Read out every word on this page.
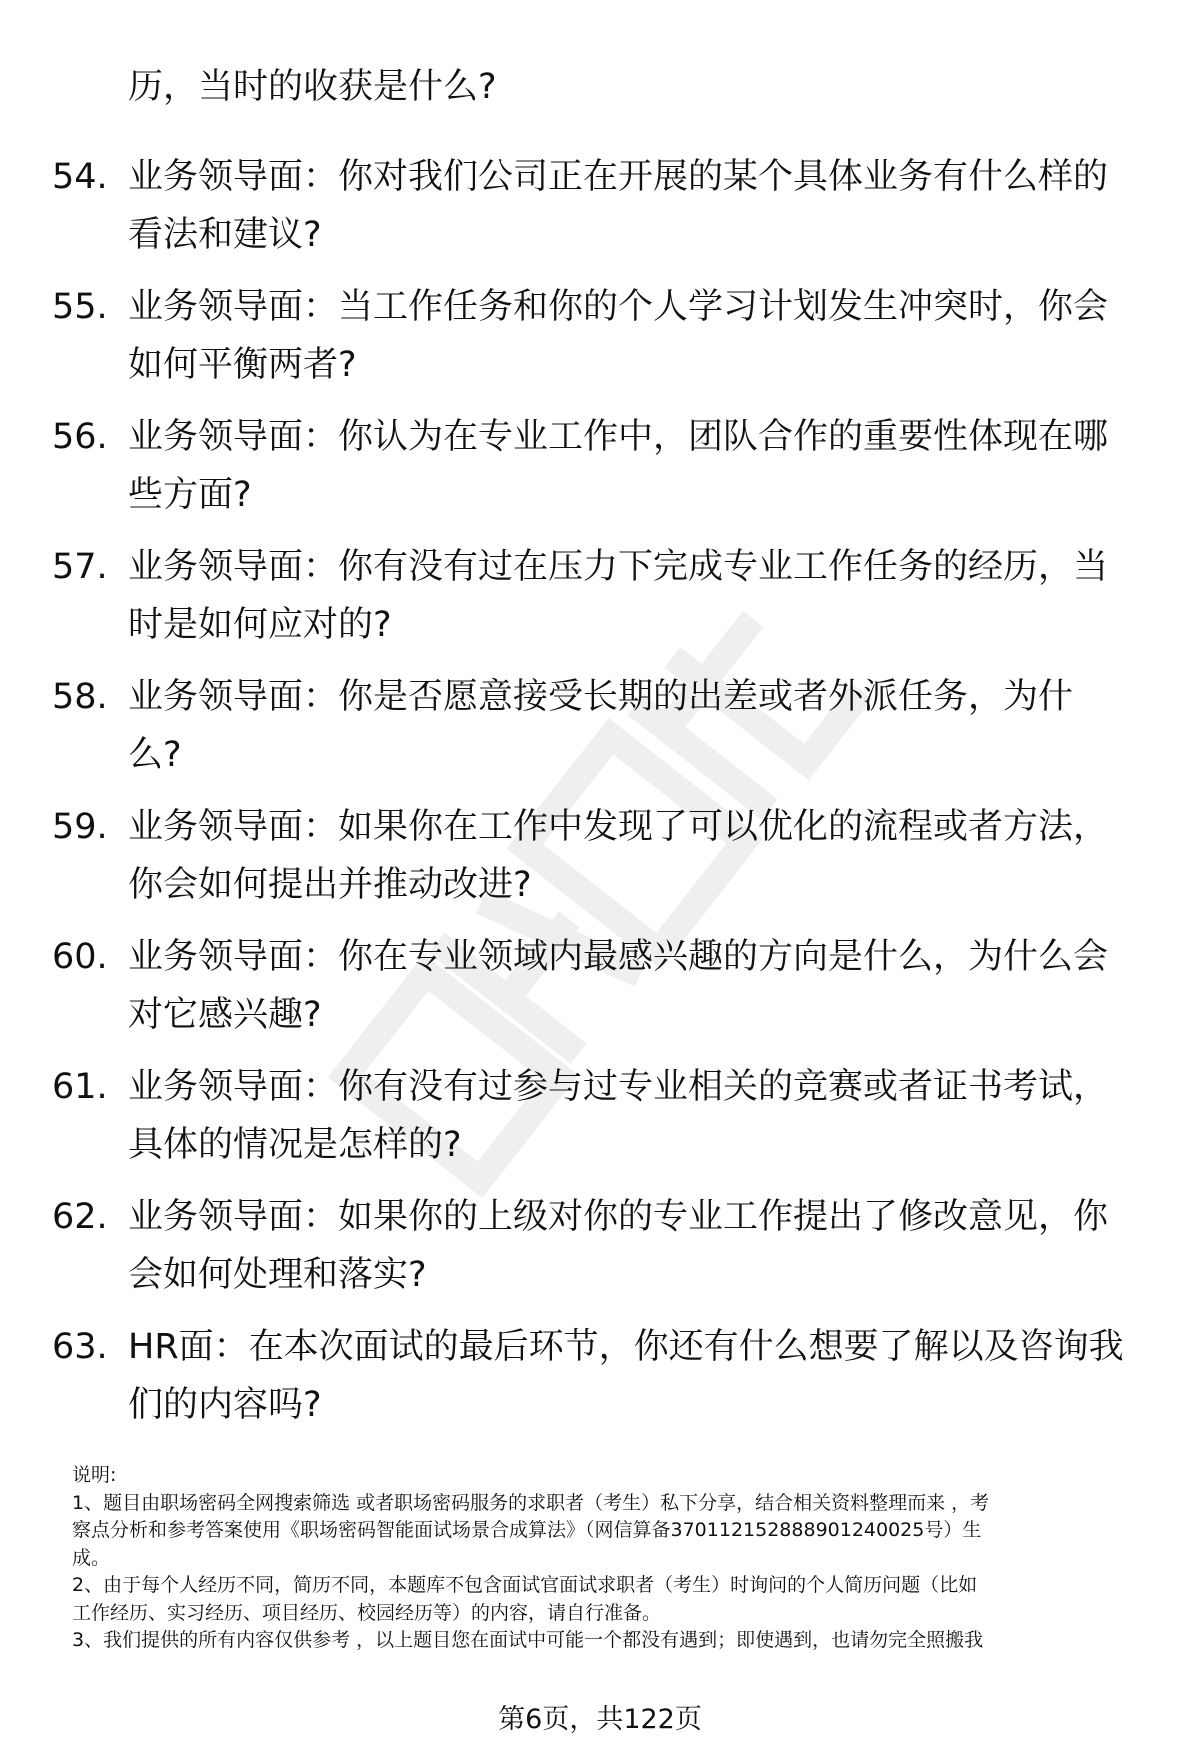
历，当时的收获是什么?
54. 业务领导面：你对我们公司正在开展的某个具体业务有什么样的
看法和建议?
55. 业务领导面：当工作任务和你的个人学习计划发生冲突时，你会
如何平衡两者?
56. 业务领导面：你认为在专业工作中，团队合作的重要性体现在哪
些方面?
57. 业务领导面：你有没有过在压力下完成专业工作任务的经历，当
时是如何应对的?
58. 业务领导面：你是否愿意接受长期的出差或者外派任务，为什
么?
59. 业务领导面：如果你在工作中发现了可以优化的流程或者方法，
你会如何提出并推动改进?
60. 业务领导面：你在专业领域内最感兴趣的方向是什么，为什么会
对它感兴趣?
61. 业务领导面：你有没有过参与过专业相关的竞赛或者证书考试，
具体的情况是怎样的?
62. 业务领导面：如果你的上级对你的专业工作提出了修改意见，你
会如何处理和落实?
63. HR面：在本次面试的最后环节，你还有什么想要了解以及咨询我
们的内容吗?
说明:
1、题目由职场密码全网搜索筛选 或者职场密码服务的求职者（考生）私下分享，结合相关资料整理而来 ，考
察点分析和参考答案使用《职场密码智能面试场景合成算法》（网信算备370112152888901240025号）生
成。
2、由于每个人经历不同，简历不同，本题库不包含面试官面试求职者（考生）时询问的个人简历问题（比如
工作经历、实习经历、项目经历、校园经历等）的内容，请自行准备。
3、我们提供的所有内容仅供参考 ，以上题目您在面试中可能一个都没有遇到；即使遇到，也请勿完全照搬我
第6页，共122页
